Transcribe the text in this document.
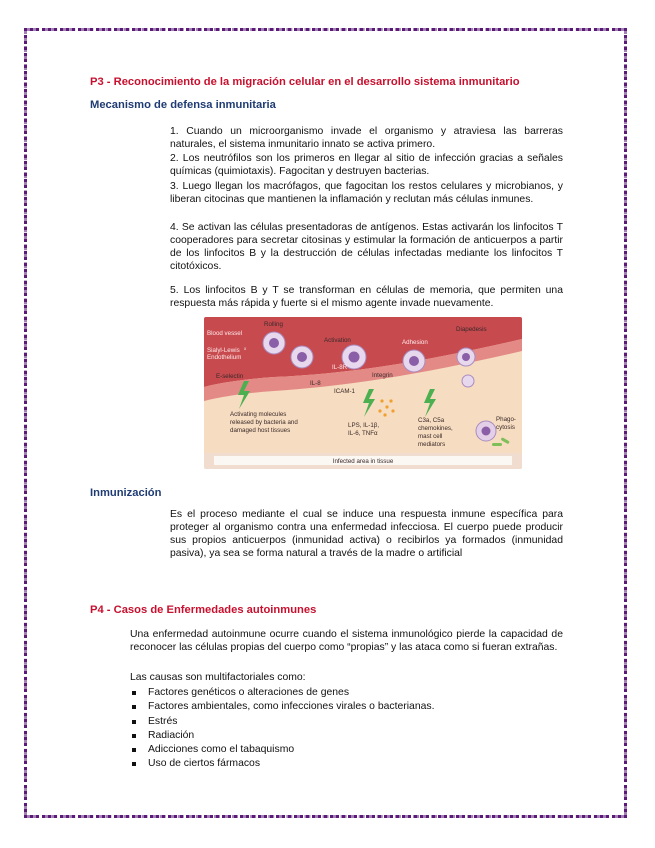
P3 - Reconocimiento de la migración celular en el desarrollo sistema inmunitario
Mecanismo de defensa inmunitaria
1. Cuando un microorganismo invade el organismo y atraviesa las barreras naturales, el sistema inmunitario innato se activa primero.
2. Los neutrófilos son los primeros en llegar al sitio de infección gracias a señales químicas (quimiotaxis). Fagocitan y destruyen bacterias.
3. Luego llegan los macrófagos, que fagocitan los restos celulares y microbianos, y liberan citocinas que mantienen la inflamación y reclutan más células inmunes.
4. Se activan las células presentadoras de antígenos. Estas activarán los linfocitos T cooperadores para secretar citosinas y estimular la formación de anticuerpos a partir de los linfocitos B y la destrucción de células infectadas mediante los linfocitos T citotóxicos.
5. Los linfocitos B y T se transforman en células de memoria, que permiten una respuesta más rápida y fuerte si el mismo agente invade nuevamente.
Infected area in tissue
Blood vessel
Rolling
Activation	Adhesion
Diapedesis
Sialyl-Lewis x
Endothelium
E-selectin
IL-8R
IL-8
Integrin
ICAM-1
Activating molecules
released by bacteria and
damaged host tissues
LPS, IL-1β,
IL-6, TNFα
C3a, C5a
chemokines,
mast cell
mediators
Phago-
cytosis
Inmunización
Es el proceso mediante el cual se induce una respuesta inmune específica para proteger al organismo contra una enfermedad infecciosa. El cuerpo puede producir sus propios anticuerpos (inmunidad activa) o recibirlos ya formados (inmunidad pasiva), ya sea se forma natural a través de la madre o artificial
P4 - Casos de Enfermedades autoinmunes
Una enfermedad autoinmune ocurre cuando el sistema inmunológico pierde la capacidad de reconocer las células propias del cuerpo como “propias” y las ataca como si fueran extrañas.
Las causas son multifactoriales como:
Factores genéticos o alteraciones de genes
Factores ambientales, como infecciones virales o bacterianas.
Estrés
Radiación
Adicciones como el tabaquismo
Uso de ciertos fármacos
